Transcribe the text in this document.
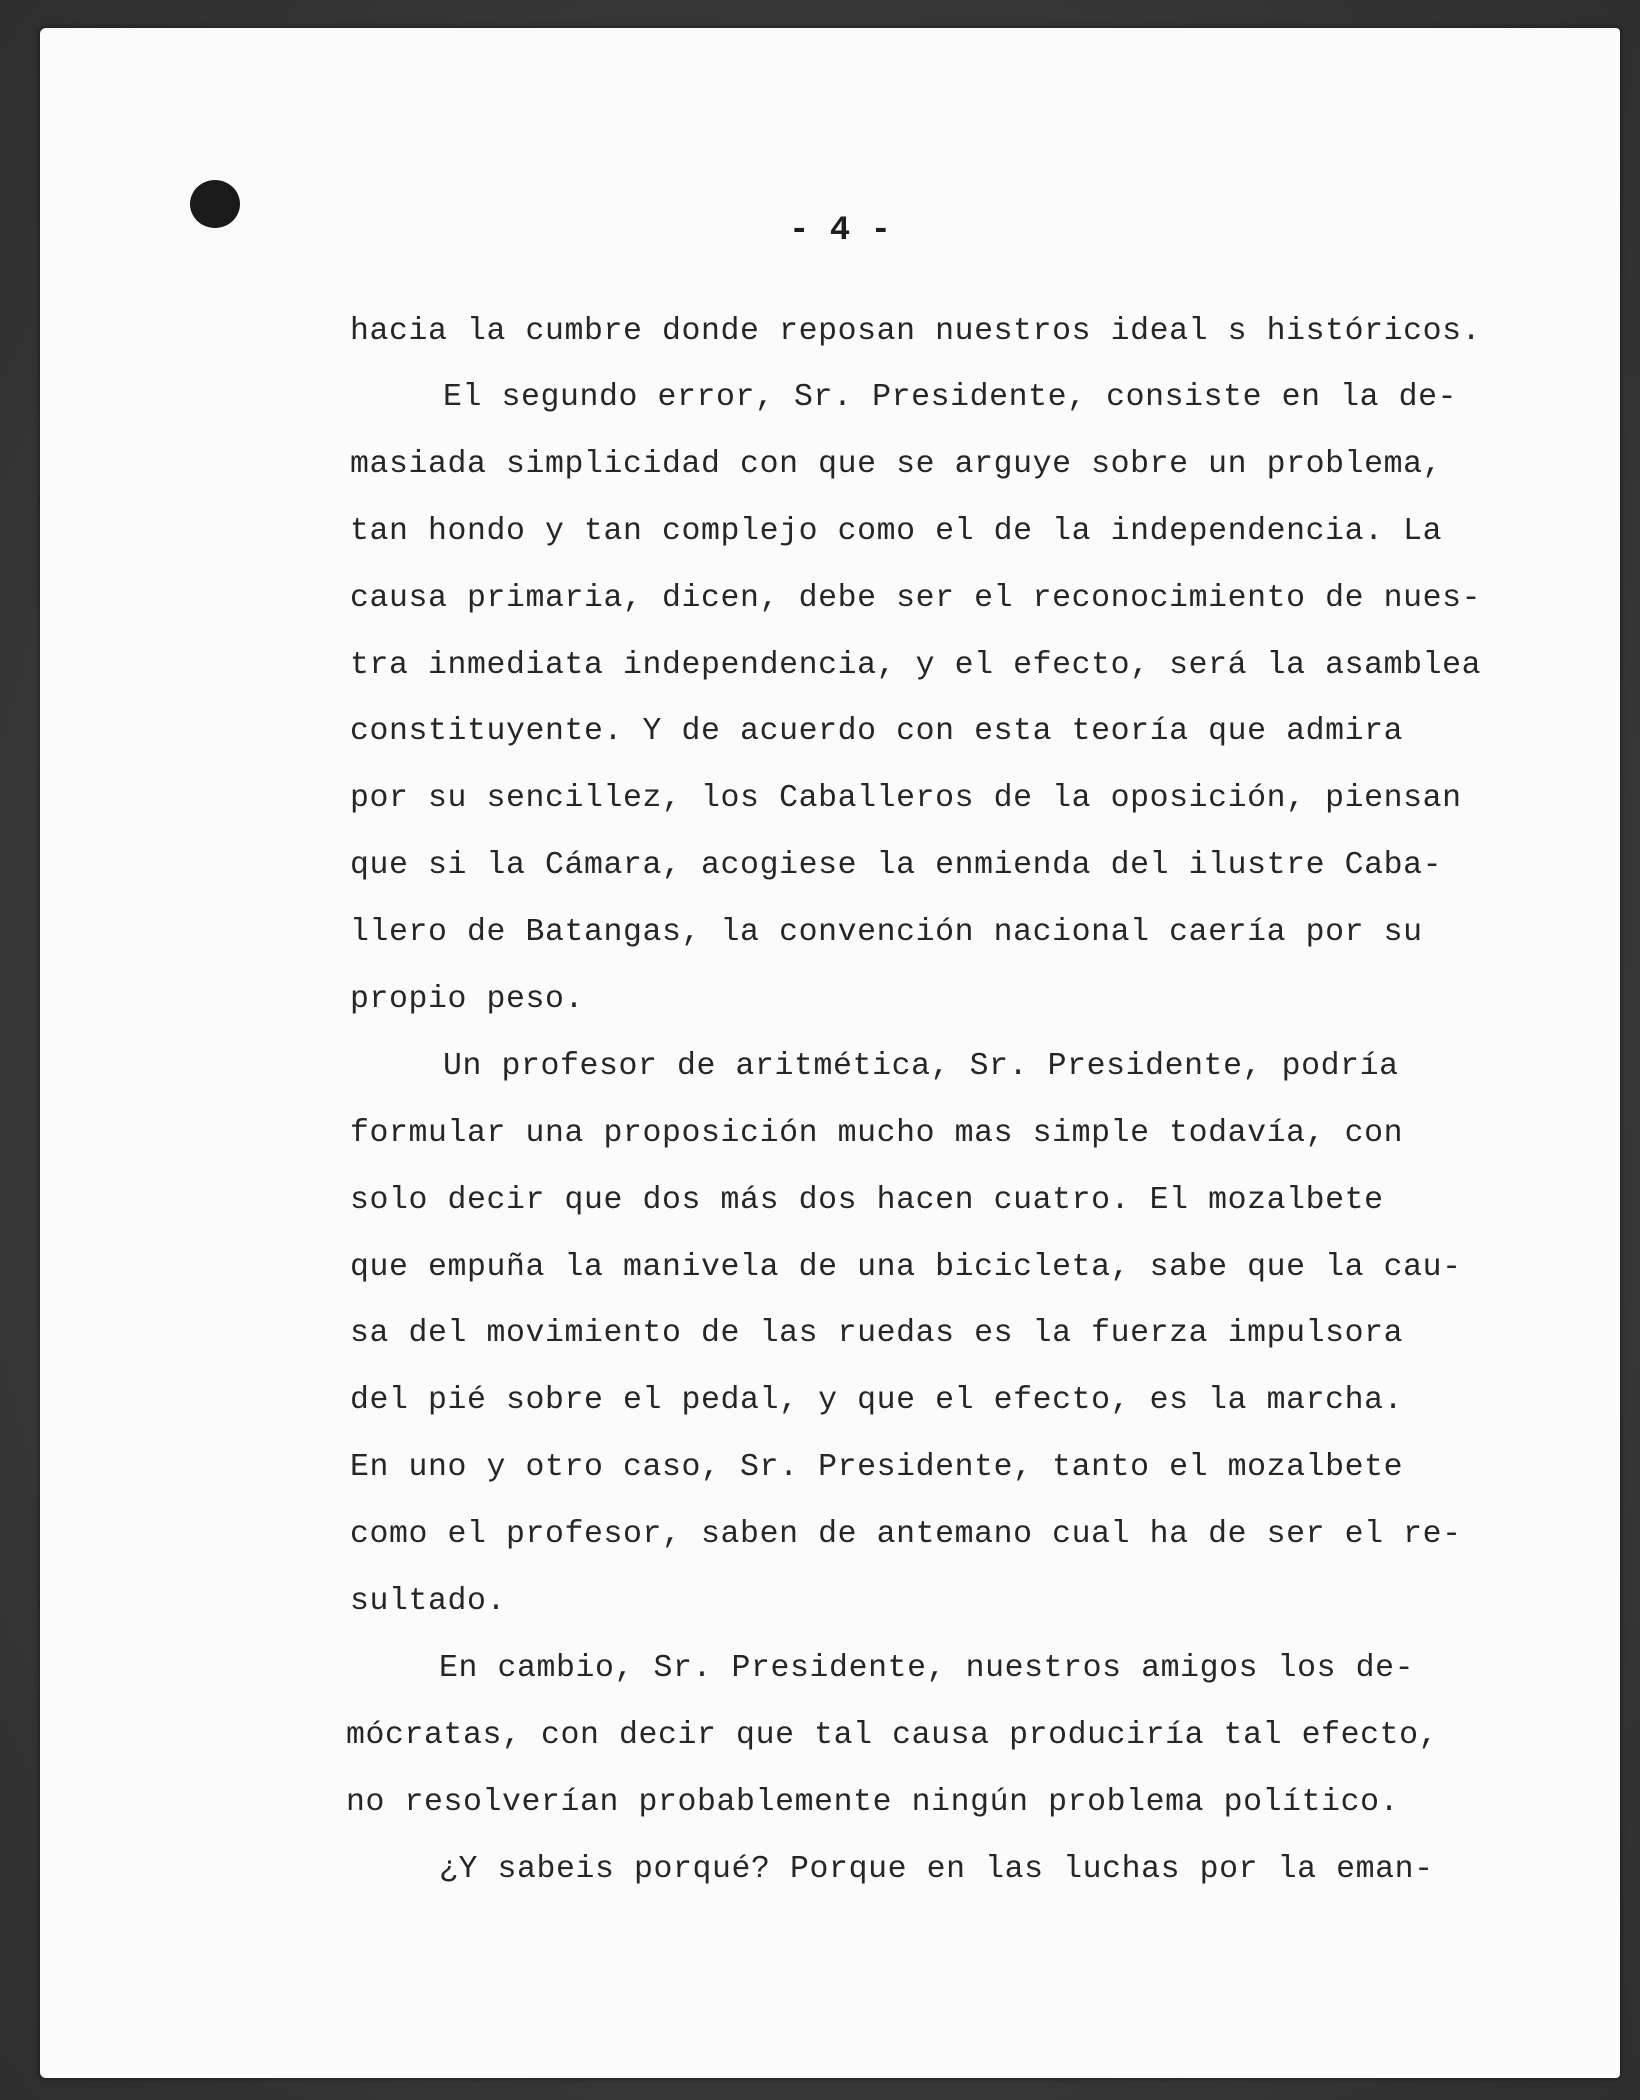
- 4 -
hacia la cumbre donde reposan nuestros ideal s históricos.
El segundo error, Sr. Presidente, consiste en la de-
masiada simplicidad con que se arguye sobre un problema,
tan hondo y tan complejo como el de la independencia. La
causa primaria, dicen, debe ser el reconocimiento de nues-
tra inmediata independencia, y el efecto, será la asamblea
constituyente. Y de acuerdo con esta teoría que admira
por su sencillez, los Caballeros de la oposición, piensan
que si la Cámara, acogiese la enmienda del ilustre Caba-
llero de Batangas, la convención nacional caería por su
propio peso.
Un profesor de aritmética, Sr. Presidente, podría
formular una proposición mucho mas simple todavía, con
solo decir que dos más dos hacen cuatro. El mozalbete
que empuña la manivela de una bicicleta, sabe que la cau-
sa del movimiento de las ruedas es la fuerza impulsora
del pié sobre el pedal, y que el efecto, es la marcha.
En uno y otro caso, Sr. Presidente, tanto el mozalbete
como el profesor, saben de antemano cual ha de ser el re-
sultado.
En cambio, Sr. Presidente, nuestros amigos los de-
mócratas, con decir que tal causa produciría tal efecto,
no resolverían probablemente ningún problema político.
¿Y sabeis porqué? Porque en las luchas por la eman-
